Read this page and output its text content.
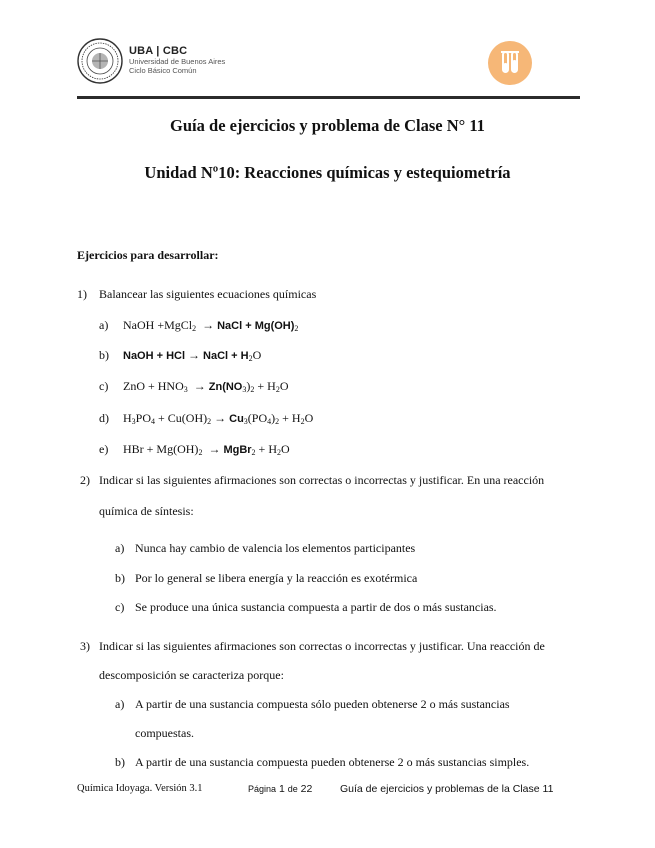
UBA | CBC
Universidad de Buenos Aires
Ciclo Básico Común
Guía de ejercicios y problema de Clase N° 11
Unidad Nº10: Reacciones químicas y estequiometría
Ejercicios para desarrollar:
1) Balancear las siguientes ecuaciones químicas
a) NaOH +MgCl$_2$ → NaCl + $Mg(OH)_2$
b) NaOH + HCl → NaCl + $H_2O$
c) ZnO + $HNO_3 \to Zn(NO_3)_2 + H_2O$
d) $H_3PO_4 + Cu(OH)_2 \to Cu_3(PO_4)_2 + H_2O$
e) HBr + $Mg(OH)_2$ → MgBr$_2$ + $H_2O$
2) Indicar si las siguientes afirmaciones son correctas o incorrectas y justificar. En una reacción
química de síntesis:
a) Nunca hay cambio de valencia los elementos participantes
b) Por lo general se libera energía y la reacción es exotérmica
c) Se produce una única sustancia compuesta a partir de dos o más sustancias.
3) Indicar si las siguientes afirmaciones son correctas o incorrectas y justificar. Una reacción de
descomposición se caracteriza porque:
a) A partir de una sustancia compuesta sólo pueden obtenerse 2 o más sustancias
compuestas.
b) A partir de una sustancia compuesta pueden obtenerse 2 o más sustancias simples.
Química Idoyaga. Versión 3.1	Página 1 de 22	Guía de ejercicios y problemas de la Clase 11
